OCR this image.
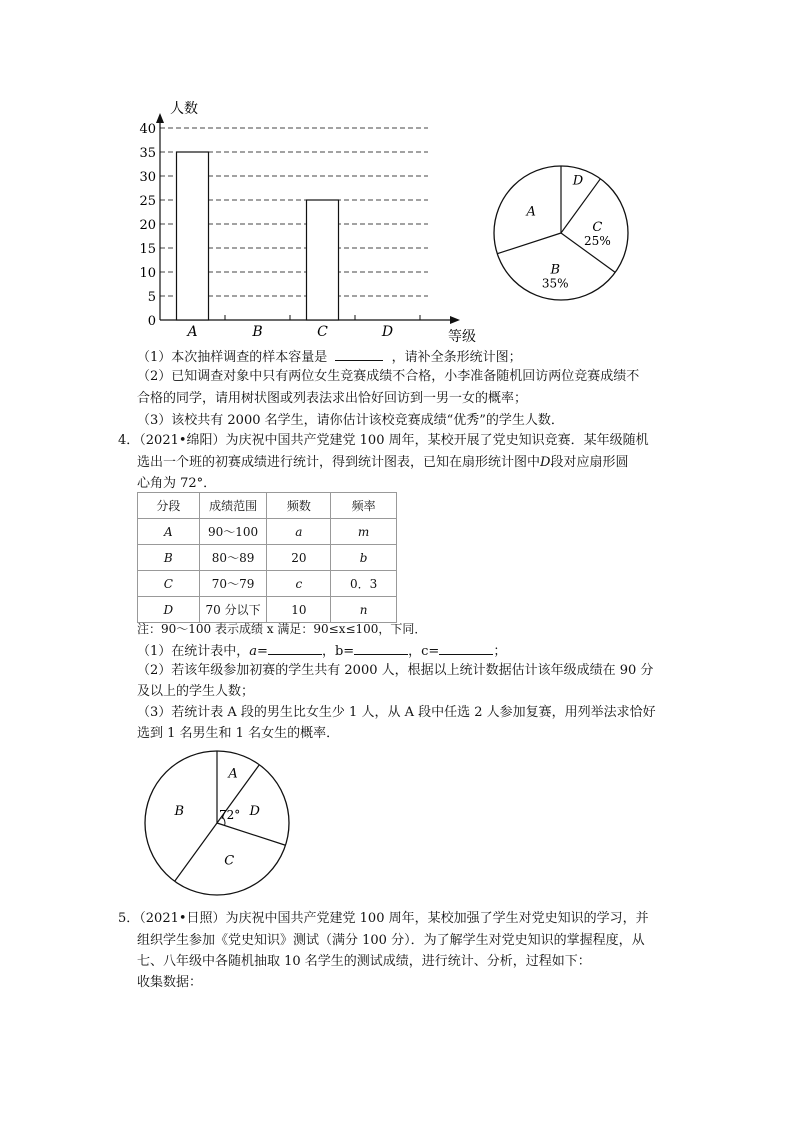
0
5
10
15
20
25
30
35
40
人数
等级
A	B	C	D
D
C
25%
B
35%
A
（1）本次抽样调查的样本容量是	，请补全条形统计图；
（2）已知调查对象中只有两位女生竞赛成绩不合格，小李准备随机回访两位竞赛成绩不
合格的同学，请用树状图或列表法求出恰好回访到一男一女的概率；
（3）该校共有 2000 名学生，请你估计该校竞赛成绩“优秀”的学生人数．
4．（2021•绵阳）为庆祝中国共产党建党 100 周年，某校开展了党史知识竞赛．某年级随机
选出一个班的初赛成绩进行统计，得到统计图表，已知在扇形统计图中D段对应扇形圆
心角为 72°．
分段	成绩范围	频数	频率
A	90～100	a	m
B	80～89	20	b
C	70～79	c	0．3
D	70 分以下	10	n
注：90～100 表示成绩 x 满足：90≤x≤100，下同．
（1）在统计表中，a=	，b=	，c=	；
（2）若该年级参加初赛的学生共有 2000 人，根据以上统计数据估计该年级成绩在 90 分
及以上的学生人数；
（3）若统计表 A 段的男生比女生少 1 人，从 A 段中任选 2 人参加复赛，用列举法求恰好
选到 1 名男生和 1 名女生的概率．
A
D
C
B	72°
5．（2021•日照）为庆祝中国共产党建党 100 周年，某校加强了学生对党史知识的学习，并
组织学生参加《党史知识》测试（满分 100 分）．为了解学生对党史知识的掌握程度，从
七、八年级中各随机抽取 10 名学生的测试成绩，进行统计、分析，过程如下：
收集数据：
